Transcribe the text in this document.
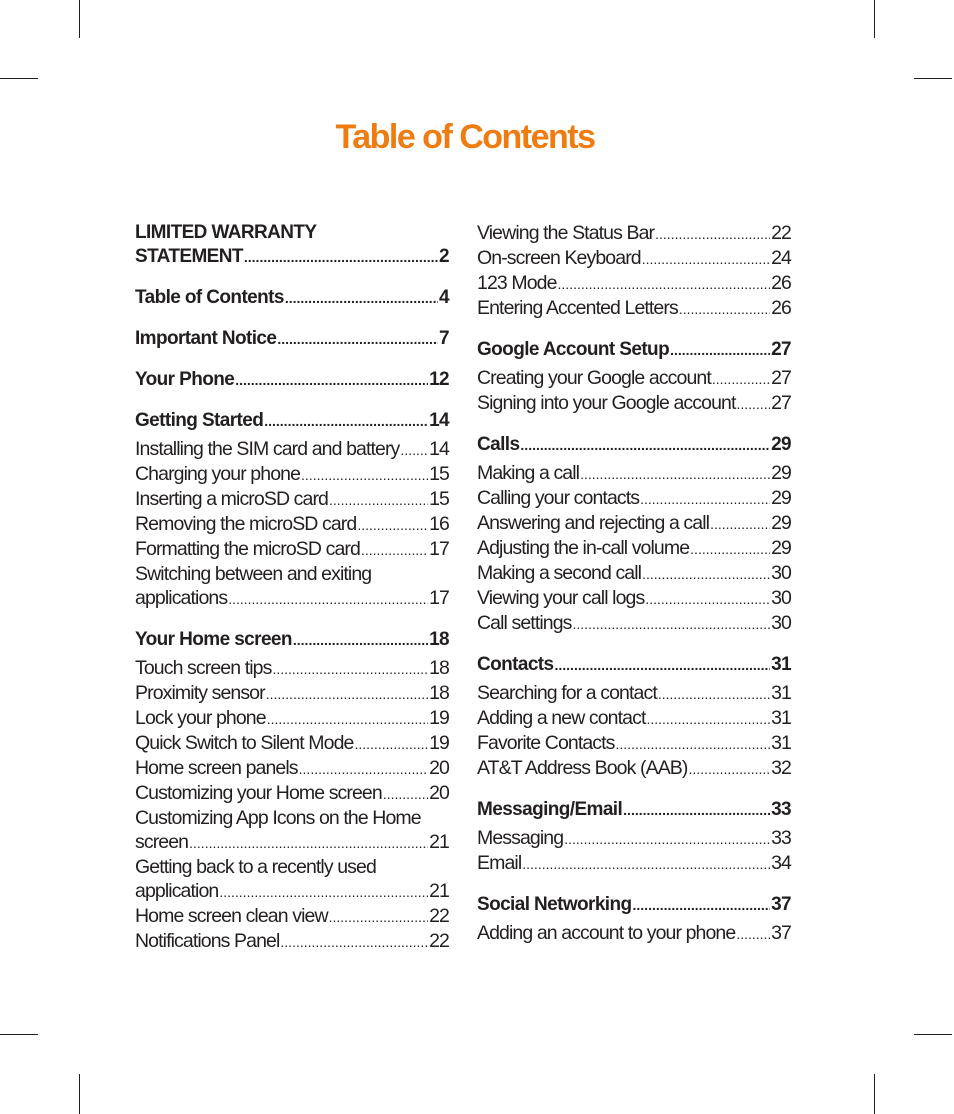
Table of Contents
LIMITED WARRANTY
STATEMENT .....	2
Table of Contents .....	4
Important Notice .....	7
Your Phone .....	12
Getting Started .....	14
Installing the SIM card and battery ..... 14
Charging your phone .....	15
Inserting a microSD card .....	15
Removing the microSD card .....	16
Formatting the microSD card .....	17
Switching between and exiting
applications .....	17
Your Home screen .....	18
Touch screen tips .....	18
Proximity sensor .....	18
Lock your phone .....	19
Quick Switch to Silent Mode .....	19
Home screen panels .....	20
Customizing your Home screen ..... 20
Customizing App Icons on the Home
screen .....	21
Getting back to a recently used
application .....	21
Home screen clean view .....	22
Notifications Panel .....	22
Viewing the Status Bar .....	22
On-screen Keyboard .....	24
123 Mode .....	26
Entering Accented Letters .....	26
Google Account Setup .....	27
Creating your Google account .....	27
Signing into your Google account ..... 27
Calls .....	29
Making a call .....	29
Calling your contacts .....	29
Answering and rejecting a call .....	29
Adjusting the in-call volume .....	29
Making a second call .....	30
Viewing your call logs .....	30
Call settings .....	30
Contacts .....	31
Searching for a contact .....	31
Adding a new contact .....	31
Favorite Contacts .....	31
AT&T Address Book (AAB) .....	32
Messaging/Email .....	33
Messaging .....	33
Email .....	34
Social Networking .....	37
Adding an account to your phone ..... 37
